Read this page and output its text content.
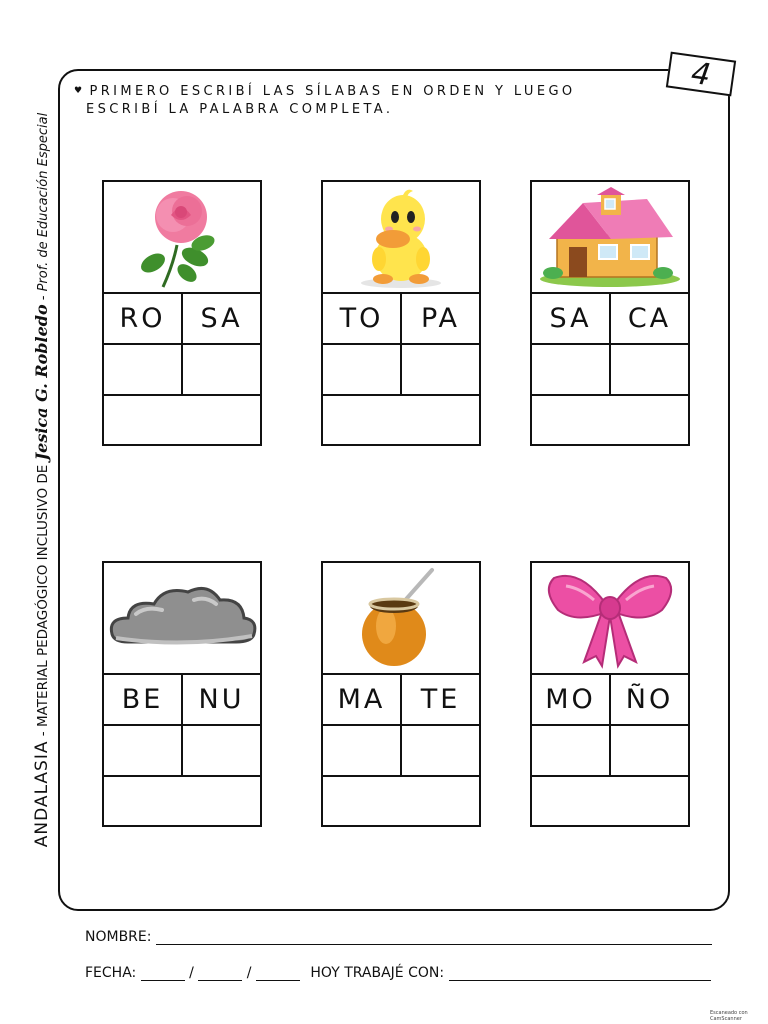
4
♥ PRIMERO ESCRIBÍ LAS SÍLABAS EN ORDEN Y LUEGO
ESCRIBÍ LA PALABRA COMPLETA.
ANDALASIA - MATERIAL PEDAGÓGICO INCLUSIVO DE Jesica G. Robledo - Prof. de Educación Especial
RO	SA	TO	PA	SA	CA
BE	NU	MA	TE	MO	ÑO
NOMBRE:
FECHA:	/	/	HOY TRABAJÉ CON:
Escaneado con CamScanner
